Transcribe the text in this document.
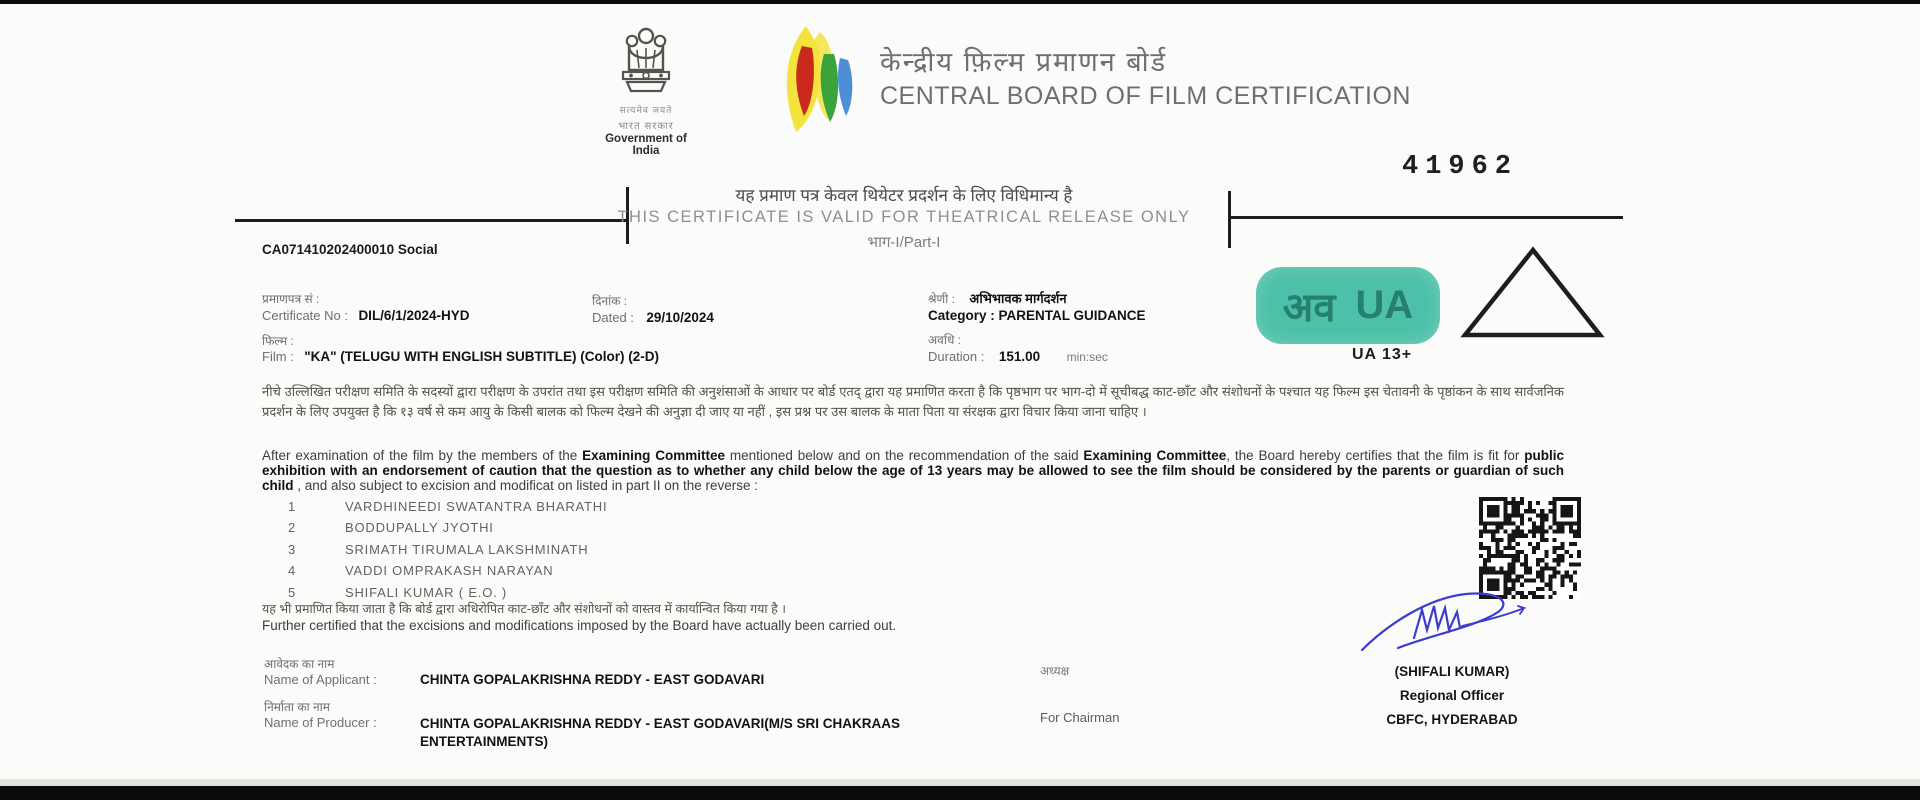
सत्यमेव जयते
भारत सरकार
Government of India
केन्द्रीय फ़िल्म प्रमाणन बोर्ड
CENTRAL BOARD OF FILM CERTIFICATION
41962
यह प्रमाण पत्र केवल थियेटर प्रदर्शन के लिए विधिमान्य है
THIS CERTIFICATE IS VALID FOR THEATRICAL RELEASE ONLY
भाग-I/Part-I
CA071410202400010 Social
प्रमाणपत्र सं :
Certificate No : DIL/6/1/2024-HYD
फिल्म :
Film : "KA" (TELUGU WITH ENGLISH SUBTITLE) (Color) (2-D)
दिनांक :
Dated : 29/10/2024
श्रेणी : अभिभावक मार्गदर्शन
Category : PARENTAL GUIDANCE
अवधि :
Duration : 151.00 min:sec
अव UA
UA 13+
नीचे उल्लिखित परीक्षण समिति के सदस्यों द्वारा परीक्षण के उपरांत तथा इस परीक्षण समिति की अनुशंसाओं के आधार पर बोर्ड एतद् द्वारा यह प्रमाणित करता है कि पृष्ठभाग पर भाग-दो में सूचीबद्ध काट-छाँट और संशोधनों के पश्चात यह फिल्म इस चेतावनी के पृष्ठांकन के साथ सार्वजनिक प्रदर्शन के लिए उपयुक्त है कि १३ वर्ष से कम आयु के किसी बालक को फिल्म देखने की अनुज्ञा दी जाए या नहीं , इस प्रश्न पर उस बालक के माता पिता या संरक्षक द्वारा विचार किया जाना चाहिए ।
After examination of the film by the members of the Examining Committee mentioned below and on the recommendation of the said Examining Committee, the Board hereby certifies that the film is fit for public exhibition with an endorsement of caution that the question as to whether any child below the age of 13 years may be allowed to see the film should be considered by the parents or guardian of such child , and also subject to excision and modificat on listed in part II on the reverse :
1	VARDHINEEDI SWATANTRA BHARATHI
2	BODDUPALLY JYOTHI
3	SRIMATH TIRUMALA LAKSHMINATH
4	VADDI OMPRAKASH NARAYAN
5	SHIFALI KUMAR ( E.O. )
यह भी प्रमाणित किया जाता है कि बोर्ड द्वारा अधिरोपित काट-छाँट और संशोधनों को वास्तव में कार्यान्वित किया गया है ।
Further certified that the excisions and modifications imposed by the Board have actually been carried out.
आवेदक का नाम
Name of Applicant :	CHINTA GOPALAKRISHNA REDDY - EAST GODAVARI
निर्माता का नाम
Name of Producer :	CHINTA GOPALAKRISHNA REDDY - EAST GODAVARI(M/S SRI CHAKRAAS ENTERTAINMENTS)
अध्यक्ष
For Chairman
(SHIFALI KUMAR)
Regional Officer
CBFC, HYDERABAD
